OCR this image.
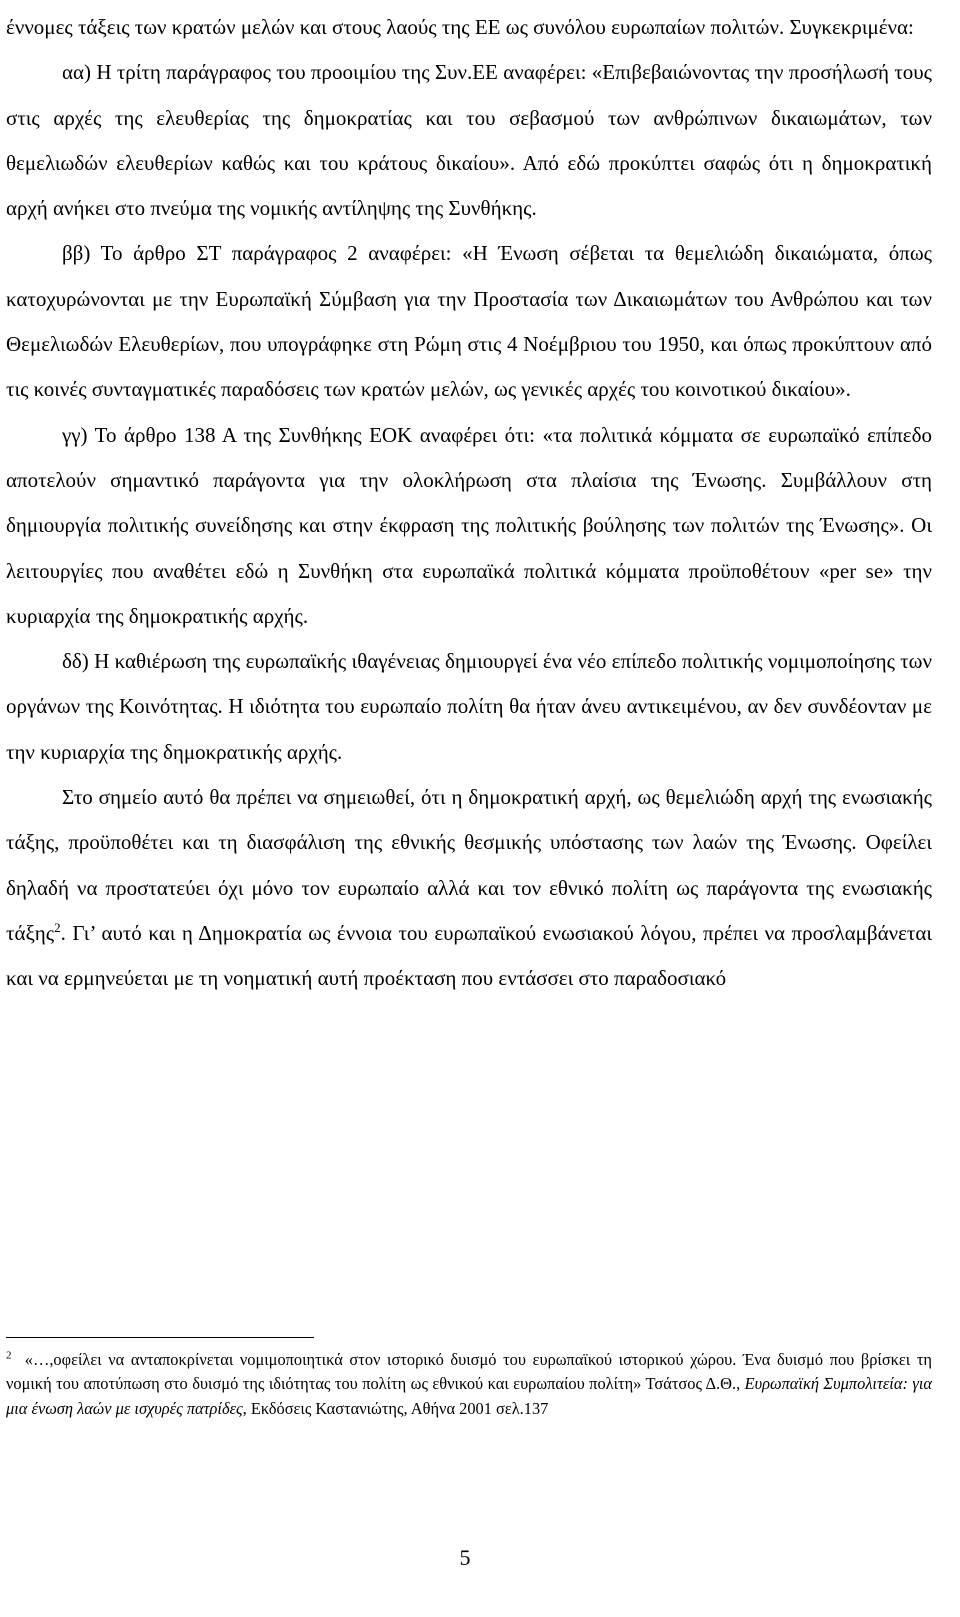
έννομες τάξεις των κρατών μελών και στους λαούς της ΕΕ ως συνόλου ευρωπαίων πολιτών. Συγκεκριμένα:

αα) Η τρίτη παράγραφος του προοιμίου της Συν.ΕΕ αναφέρει: «Επιβεβαιώνοντας την προσήλωσή τους στις αρχές της ελευθερίας της δημοκρατίας και του σεβασμού των ανθρώπινων δικαιωμάτων, των θεμελιωδών ελευθερίων καθώς και του κράτους δικαίου». Από εδώ προκύπτει σαφώς ότι η δημοκρατική αρχή ανήκει στο πνεύμα της νομικής αντίληψης της Συνθήκης.

ββ) Το άρθρο ΣΤ παράγραφος 2 αναφέρει: «Η Ένωση σέβεται τα θεμελιώδη δικαιώματα, όπως κατοχυρώνονται με την Ευρωπαϊκή Σύμβαση για την Προστασία των Δικαιωμάτων του Ανθρώπου και των Θεμελιωδών Ελευθερίων, που υπογράφηκε στη Ρώμη στις 4 Νοέμβριου του 1950, και όπως προκύπτουν από τις κοινές συνταγματικές παραδόσεις των κρατών μελών, ως γενικές αρχές του κοινοτικού δικαίου».

γγ) Το άρθρο 138 Α της Συνθήκης ΕΟΚ αναφέρει ότι: «τα πολιτικά κόμματα σε ευρωπαϊκό επίπεδο αποτελούν σημαντικό παράγοντα για την ολοκλήρωση στα πλαίσια της Ένωσης. Συμβάλλουν στη δημιουργία πολιτικής συνείδησης και στην έκφραση της πολιτικής βούλησης των πολιτών της Ένωσης». Οι λειτουργίες που αναθέτει εδώ η Συνθήκη στα ευρωπαϊκά πολιτικά κόμματα προϋποθέτουν «per se» την κυριαρχία της δημοκρατικής αρχής.

δδ) Η καθιέρωση της ευρωπαϊκής ιθαγένειας δημιουργεί ένα νέο επίπεδο πολιτικής νομιμοποίησης των οργάνων της Κοινότητας. Η ιδιότητα του ευρωπαίο πολίτη θα ήταν άνευ αντικειμένου, αν δεν συνδέονταν με την κυριαρχία της δημοκρατικής αρχής.

Στο σημείο αυτό θα πρέπει να σημειωθεί, ότι η δημοκρατική αρχή, ως θεμελιώδη αρχή της ενωσιακής τάξης, προϋποθέτει και τη διασφάλιση της εθνικής θεσμικής υπόστασης των λαών της Ένωσης. Οφείλει δηλαδή να προστατεύει όχι μόνο τον ευρωπαίο αλλά και τον εθνικό πολίτη ως παράγοντα της ενωσιακής τάξης$^2$. Γι’ αυτό και η Δημοκρατία ως έννοια του ευρωπαϊκού ενωσιακού λόγου, πρέπει να προσλαμβάνεται και να ερμηνεύεται με τη νοηματική αυτή προέκταση που εντάσσει στο παραδοσιακό

$^2$ «…,οφείλει να ανταποκρίνεται νομιμοποιητικά στον ιστορικό δυισμό του ευρωπαϊκού ιστορικού χώρου. Ένα δυισμό που βρίσκει τη νομική του αποτύπωση στο δυισμό της ιδιότητας του πολίτη ως εθνικού και ευρωπαίου πολίτη» Τσάτσος Δ.Θ., Ευρωπαϊκή Συμπολιτεία: για μια ένωση λαών με ισχυρές πατρίδες, Εκδόσεις Καστανιώτης, Αθήνα 2001 σελ.137

5
